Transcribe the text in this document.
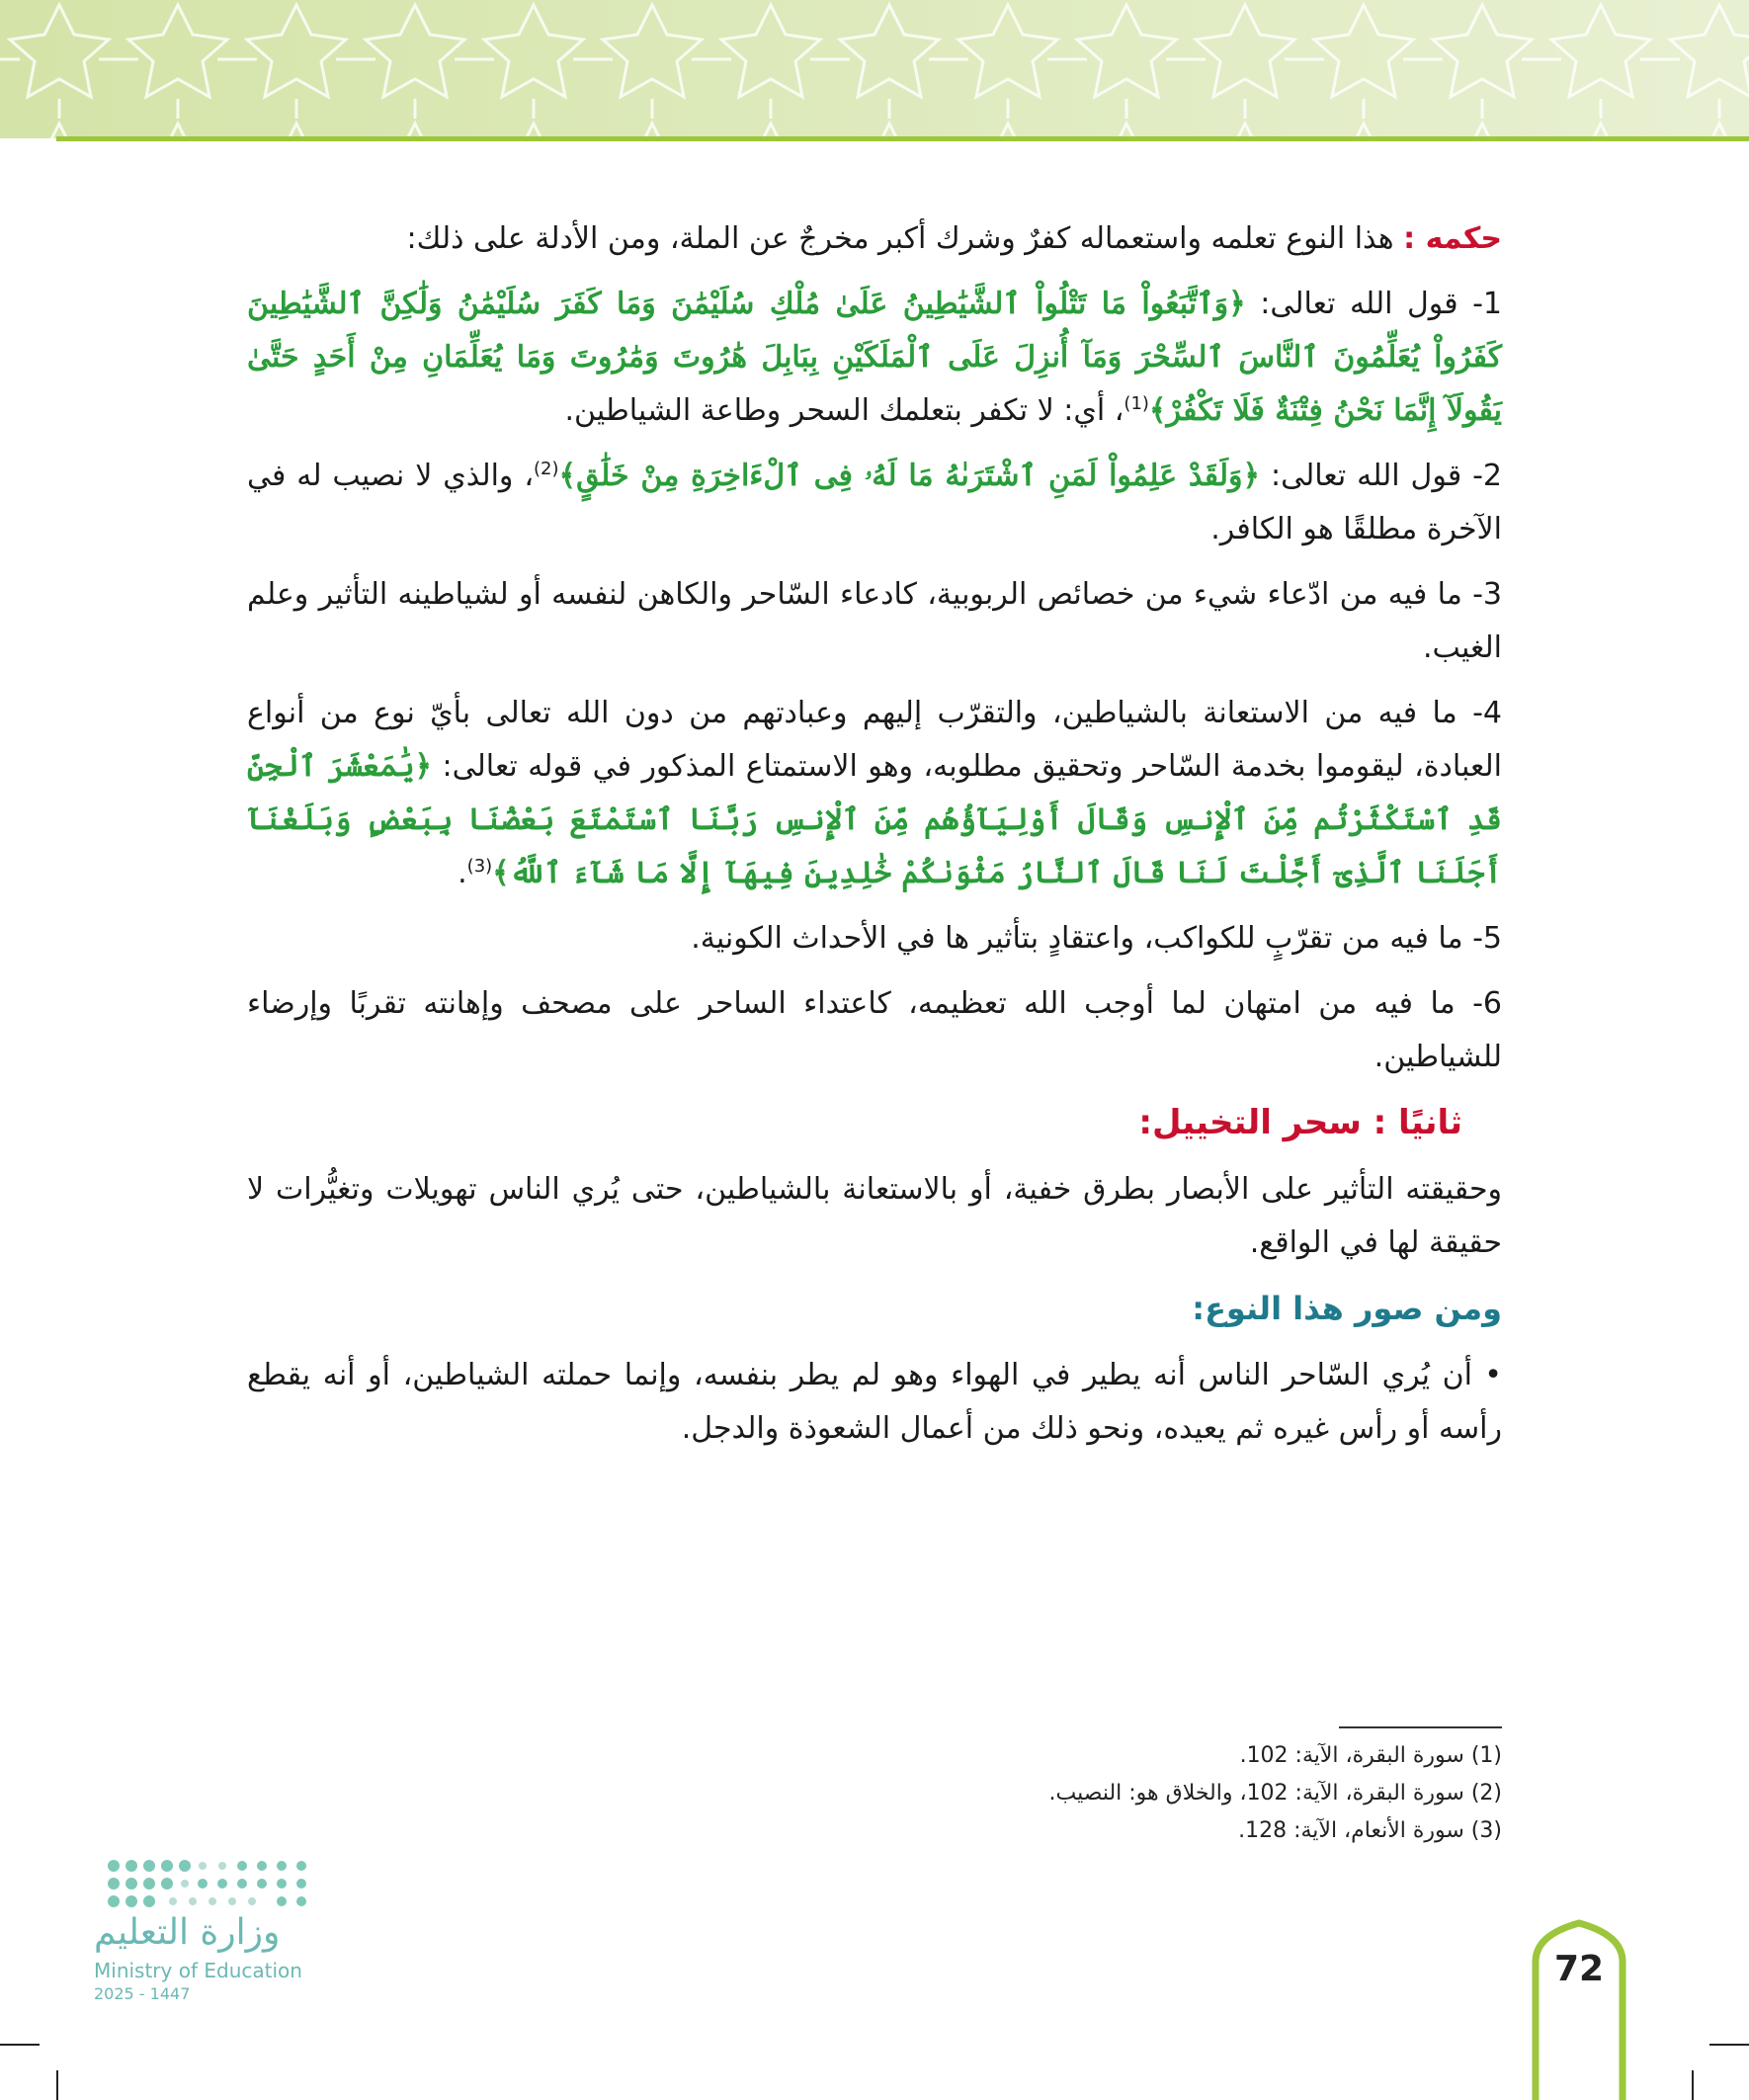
حكمه : هذا النوع تعلمه واستعماله كفرٌ وشرك أكبر مخرجٌ عن الملة، ومن الأدلة على ذلك:

1- قول الله تعالى: ﴿وَٱتَّبَعُواْ مَا تَتْلُواْ ٱلشَّيَٰطِينُ عَلَىٰ مُلْكِ سُلَيْمَٰنَ وَمَا كَفَرَ سُلَيْمَٰنُ وَلَٰكِنَّ ٱلشَّيَٰطِينَ كَفَرُواْ يُعَلِّمُونَ ٱلنَّاسَ ٱلسِّحْرَ وَمَآ أُنزِلَ عَلَى ٱلْمَلَكَيْنِ بِبَابِلَ هَٰرُوتَ وَمَٰرُوتَ وَمَا يُعَلِّمَانِ مِنْ أَحَدٍ حَتَّىٰ يَقُولَآ إِنَّمَا نَحْنُ فِتْنَةٌ فَلَا تَكْفُرْ﴾$^{(1)}$، أي: لا تكفر بتعلمك السحر وطاعة الشياطين.

2- قول الله تعالى: ﴿وَلَقَدْ عَلِمُواْ لَمَنِ ٱشْتَرَىٰهُ مَا لَهُۥ فِى ٱلْءَاخِرَةِ مِنْ خَلَٰقٍ﴾$^{(2)}$، والذي لا نصيب له في الآخرة مطلقًا هو الكافر.

3- ما فيه من ادّعاء شيء من خصائص الربوبية، كادعاء السّاحر والكاهن لنفسه أو لشياطينه التأثير وعلم الغيب.

4- ما فيه من الاستعانة بالشياطين، والتقرّب إليهم وعبادتهم من دون الله تعالى بأيّ نوع من أنواع العبادة، ليقوموا بخدمة السّاحر وتحقيق مطلوبه، وهو الاستمتاع المذكور في قوله تعالى: ﴿يَٰمَعْشَرَ ٱلْجِنِّ قَدِ ٱسْتَكْثَرْتُم مِّنَ ٱلْإِنسِ وَقَالَ أَوْلِيَآؤُهُم مِّنَ ٱلْإِنسِ رَبَّنَا ٱسْتَمْتَعَ بَعْضُنَا بِبَعْضٍ وَبَلَغْنَآ أَجَلَنَا ٱلَّذِىٓ أَجَّلْتَ لَنَا قَالَ ٱلنَّارُ مَثْوَىٰكُمْ خَٰلِدِينَ فِيهَآ إِلَّا مَا شَآءَ ٱللَّهُ﴾$^{(3)}$.

5- ما فيه من تقرّبٍ للكواكب، واعتقادٍ بتأثير ها في الأحداث الكونية.

6- ما فيه من امتهان لما أوجب الله تعظيمه، كاعتداء الساحر على مصحف وإهانته تقربًا وإرضاء للشياطين.

ثانيًا : سحر التخييل:

وحقيقته التأثير على الأبصار بطرق خفية، أو بالاستعانة بالشياطين، حتى يُري الناس تهويلات وتغيُّرات لا حقيقة لها في الواقع.

ومن صور هذا النوع:

•أن يُري السّاحر الناس أنه يطير في الهواء وهو لم يطر بنفسه، وإنما حملته الشياطين، أو أنه يقطع رأسه أو رأس غيره ثم يعيده، ونحو ذلك من أعمال الشعوذة والدجل.

(1) سورة البقرة، الآية: 102.
(2) سورة البقرة، الآية: 102، والخلاق هو: النصيب.
(3) سورة الأنعام، الآية: 128.
وزارة التعليم
Ministry of Education
2025 - 1447
72
